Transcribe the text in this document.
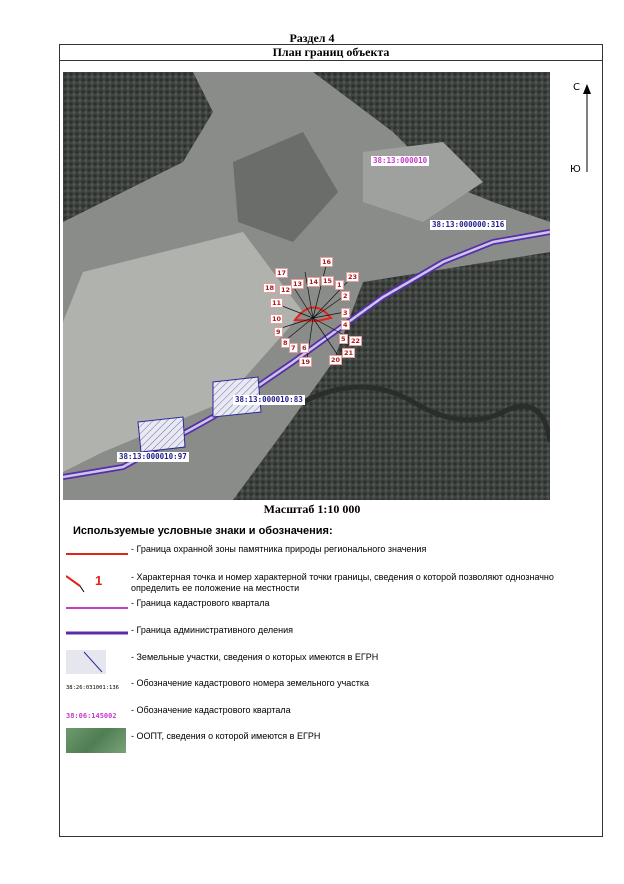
Раздел 4
План границ объекта
38:13:000010
38:13:000000:316
38:13:000010:83
38:13:000010:97
16
17	23
13	14 15 1
18	12
2
11
3
10
4
9
5 22
8
7 6
21
19	20
С
Ю
Масштаб 1:10 000
Используемые условные знаки и обозначения:
- Граница охранной зоны памятника природы регионального значения
1	- Характерная точка и номер характерной точки границы, сведения о которой позволяют однозначно определить ее положение на местности
- Граница кадастрового квартала
- Граница административного деления
- Земельные участки, сведения о которых имеются в ЕГРН
38:26:031001:136 - Обозначение кадастрового номера земельного участка
38:06:145002
- Обозначение кадастрового квартала
- ООПТ, сведения о которой имеются в ЕГРН
